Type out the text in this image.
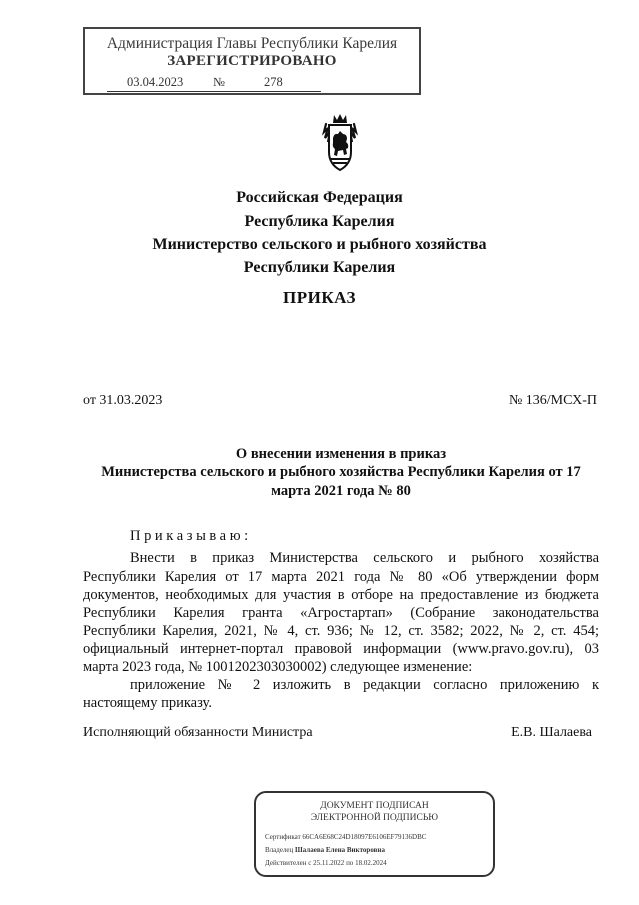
Администрация Главы Республики Карелия
ЗАРЕГИСТРИРОВАНО
03.04.2023 №	278
Российская Федерация
Республика Карелия
Министерство сельского и рыбного хозяйства
Республики Карелия
ПРИКАЗ
от 31.03.2023	№ 136/МСХ-П
О внесении изменения в приказ
Министерства сельского и рыбного хозяйства Республики Карелия от 17
марта 2021 года № 80
Приказываю:
Внести в приказ Министерства сельского и рыбного хозяйства
Республики Карелия от 17 марта 2021 года № 80 «Об утверждении форм
документов, необходимых для участия в отборе на предоставление из бюджета
Республики Карелия гранта «Агростартап» (Собрание законодательства
Республики Карелия, 2021, № 4, ст. 936; № 12, ст. 3582; 2022, № 2, ст. 454;
официальный интернет-портал правовой информации (www.pravo.gov.ru), 03
марта 2023 года, № 1001202303030002) следующее изменение:
приложение № 2 изложить в редакции согласно приложению к
настоящему приказу.
Исполняющий обязанности Министра	Е.В. Шалаева
ДОКУМЕНТ ПОДПИСАН
ЭЛЕКТРОННОЙ ПОДПИСЬЮ
Сертификат 66CA6E68C24D18097E6106EF79136DBC
Владелец Шалаева Елена Викторовна
Действителен с 25.11.2022 по 18.02.2024
